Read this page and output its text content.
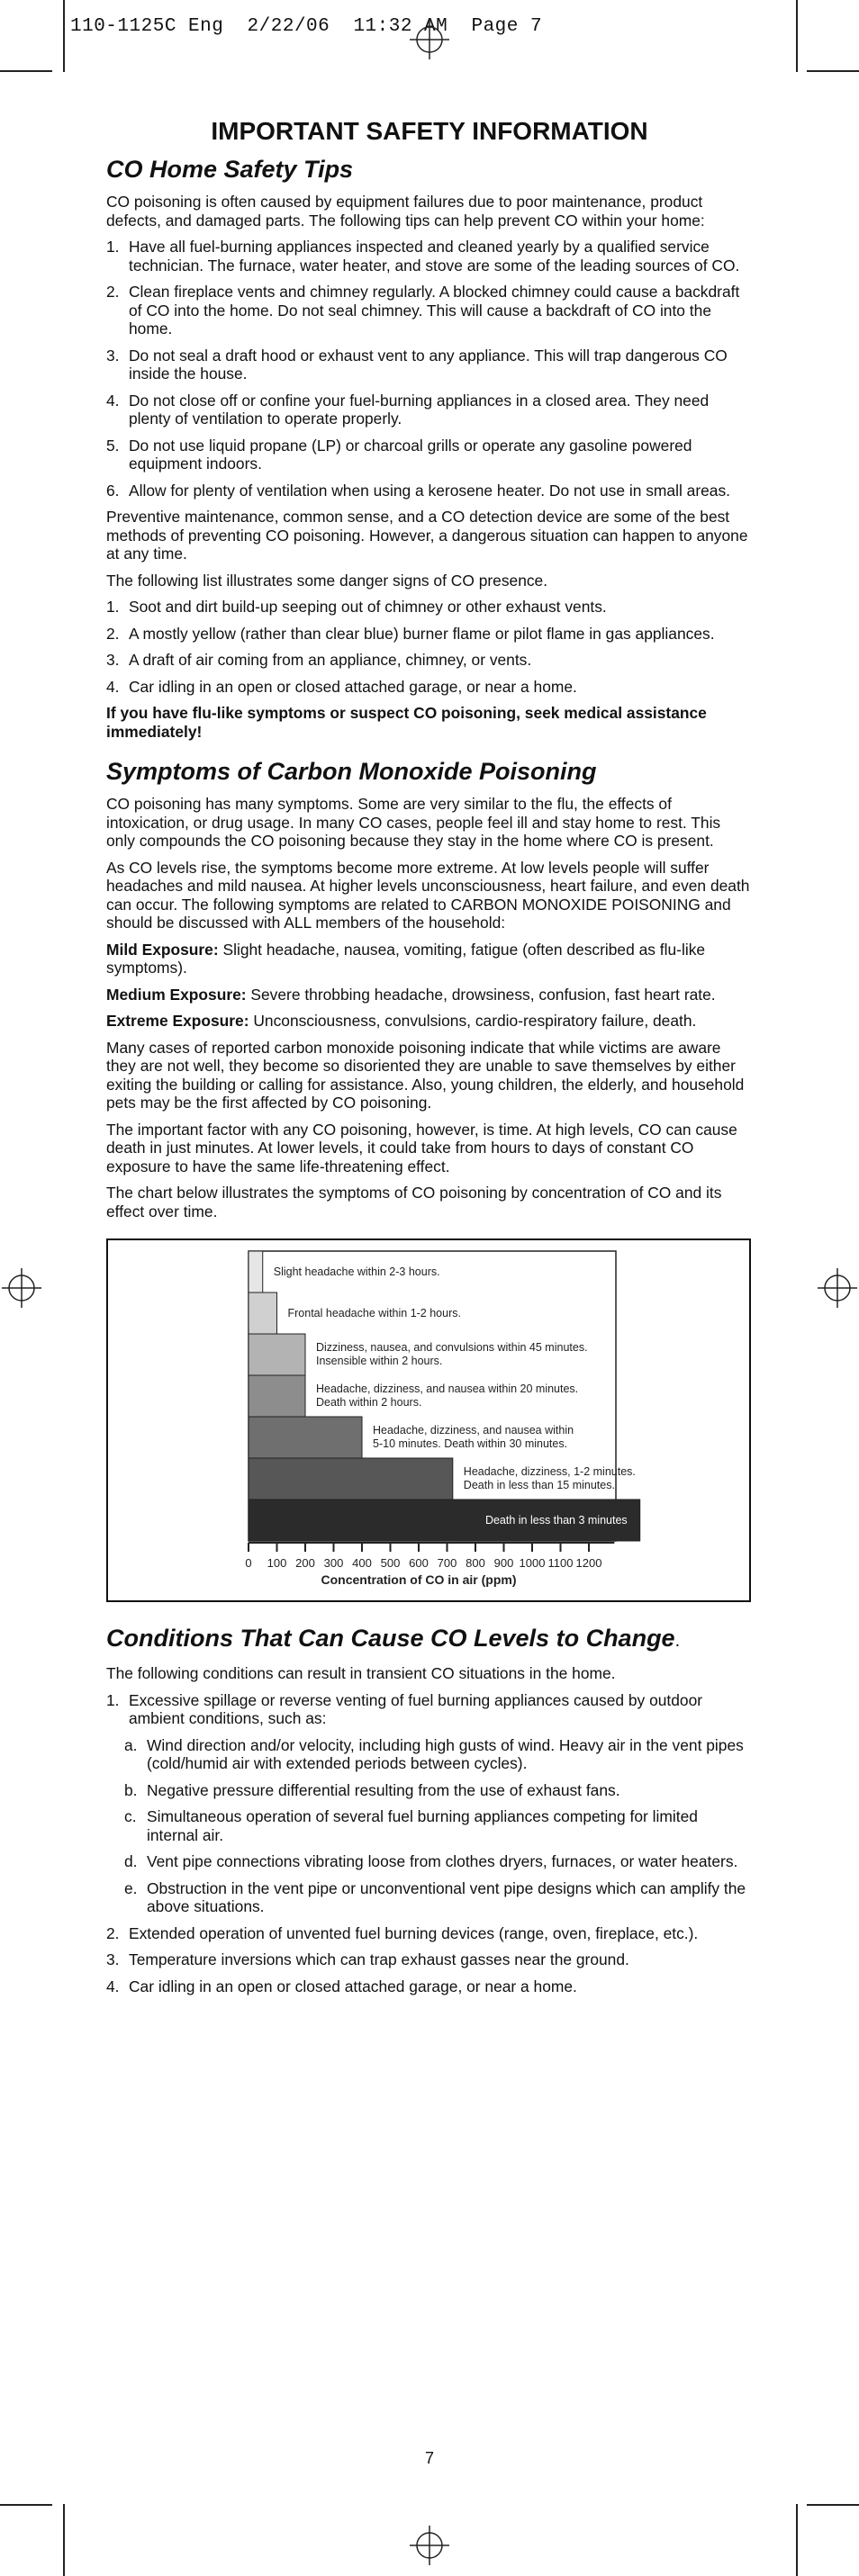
110-1125C Eng  2/22/06  11:32 AM  Page 7
IMPORTANT SAFETY INFORMATION
CO Home Safety Tips

CO poisoning is often caused by equipment failures due to poor maintenance, product defects, and damaged parts. The following tips can help prevent CO within your home:

1. Have all fuel-burning appliances inspected and cleaned yearly by a qualified service technician. The furnace, water heater, and stove are some of the leading sources of CO.
2. Clean fireplace vents and chimney regularly. A blocked chimney could cause a backdraft of CO into the home. Do not seal chimney. This will cause a backdraft of CO into the home.
3. Do not seal a draft hood or exhaust vent to any appliance. This will trap dangerous CO inside the house.
4. Do not close off or confine your fuel-burning appliances in a closed area. They need plenty of ventilation to operate properly.
5. Do not use liquid propane (LP) or charcoal grills or operate any gasoline powered equipment indoors.
6. Allow for plenty of ventilation when using a kerosene heater. Do not use in small areas.

Preventive maintenance, common sense, and a CO detection device are some of the best methods of preventing CO poisoning. However, a dangerous situation can happen to anyone at any time.

The following list illustrates some danger signs of CO presence.

1. Soot and dirt build-up seeping out of chimney or other exhaust vents.
2. A mostly yellow (rather than clear blue) burner flame or pilot flame in gas appliances.
3. A draft of air coming from an appliance, chimney, or vents.
4. Car idling in an open or closed attached garage, or near a home.

If you have flu-like symptoms or suspect CO poisoning, seek medical assistance immediately!

Symptoms of Carbon Monoxide Poisoning

CO poisoning has many symptoms. Some are very similar to the flu, the effects of intoxication, or drug usage. In many CO cases, people feel ill and stay home to rest. This only compounds the CO poisoning because they stay in the home where CO is present.

As CO levels rise, the symptoms become more extreme. At low levels people will suffer headaches and mild nausea. At higher levels unconsciousness, heart failure, and even death can occur. The following symptoms are related to CARBON MONOXIDE POISONING and should be discussed with ALL members of the household:

Mild Exposure: Slight headache, nausea, vomiting, fatigue (often described as flu-like symptoms).

Medium Exposure: Severe throbbing headache, drowsiness, confusion, fast heart rate.

Extreme Exposure: Unconsciousness, convulsions, cardio-respiratory failure, death.

Many cases of reported carbon monoxide poisoning indicate that while victims are aware they are not well, they become so disoriented they are unable to save themselves by either exiting the building or calling for assistance. Also, young children, the elderly, and household pets may be the first affected by CO poisoning.

The important factor with any CO poisoning, however, is time. At high levels, CO can cause death in just minutes. At lower levels, it could take from hours to days of constant CO exposure to have the same life-threatening effect.

The chart below illustrates the symptoms of CO poisoning by concentration of CO and its effect over time.

Slight headache within 2-3 hours.
Frontal headache within 1-2 hours.
Dizziness, nausea, and convulsions within 45 minutes.
Insensible within 2 hours.
Headache, dizziness, and nausea within 20 minutes.
Death within 2 hours.
Headache, dizziness, and nausea within
5-10 minutes. Death within 30 minutes.
Headache, dizziness, 1-2 minutes.
Death in less than 15 minutes.
Death in less than 3 minutes
0 100 200 300 400 500 600 700 800 900 1000 1100 1200
Concentration of CO in air (ppm)
Conditions That Can Cause CO Levels to Change.

The following conditions can result in transient CO situations in the home.

1. Excessive spillage or reverse venting of fuel burning appliances caused by outdoor ambient conditions, such as:
a. Wind direction and/or velocity, including high gusts of wind. Heavy air in the vent pipes (cold/humid air with extended periods between cycles).
b. Negative pressure differential resulting from the use of exhaust fans.
c. Simultaneous operation of several fuel burning appliances competing for limited internal air.
d. Vent pipe connections vibrating loose from clothes dryers, furnaces, or water heaters.
e. Obstruction in the vent pipe or unconventional vent pipe designs which can amplify the above situations.
2. Extended operation of unvented fuel burning devices (range, oven, fireplace, etc.).
3. Temperature inversions which can trap exhaust gasses near the ground.
4. Car idling in an open or closed attached garage, or near a home.
7
